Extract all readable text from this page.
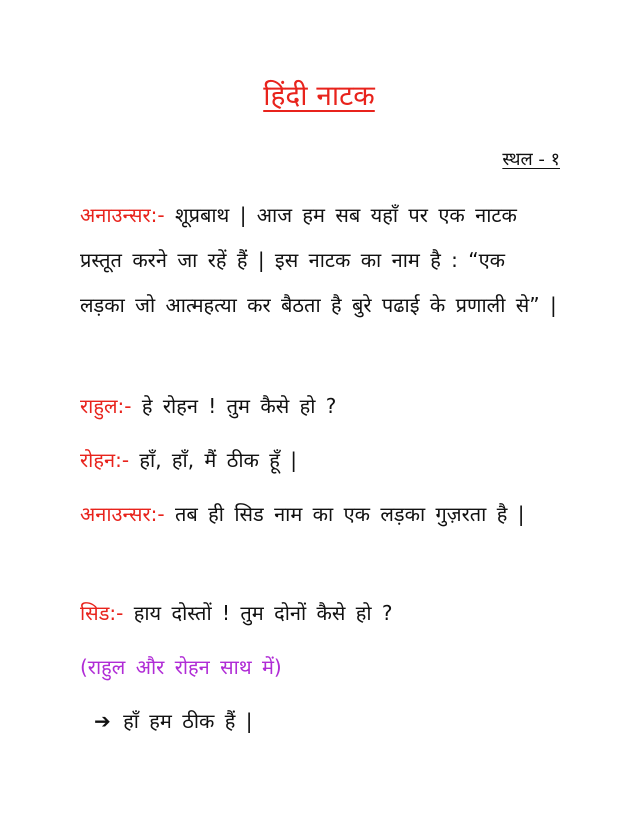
हिंदी नाटक
स्थल - १

अनाउन्सर:- शूप्रबाथ | आज हम सब यहाँ पर एक नाटक प्रस्तूत करने जा रहें हैं | इस नाटक का नाम है : “एक लड़का जो आत्महत्या कर बैठता है बुरे पढाई के प्रणाली से” |

राहुल:- हे रोहन ! तुम कैसे हो ?

रोहन:- हाँ, हाँ, मैं ठीक हूँ |

अनाउन्सर:- तब ही सिड नाम का एक लड़का गुज़रता है |

सिड:- हाय दोस्तों ! तुम दोनों कैसे हो ?

(राहुल और रोहन साथ में)

➔ हाँ हम ठीक हैं |
